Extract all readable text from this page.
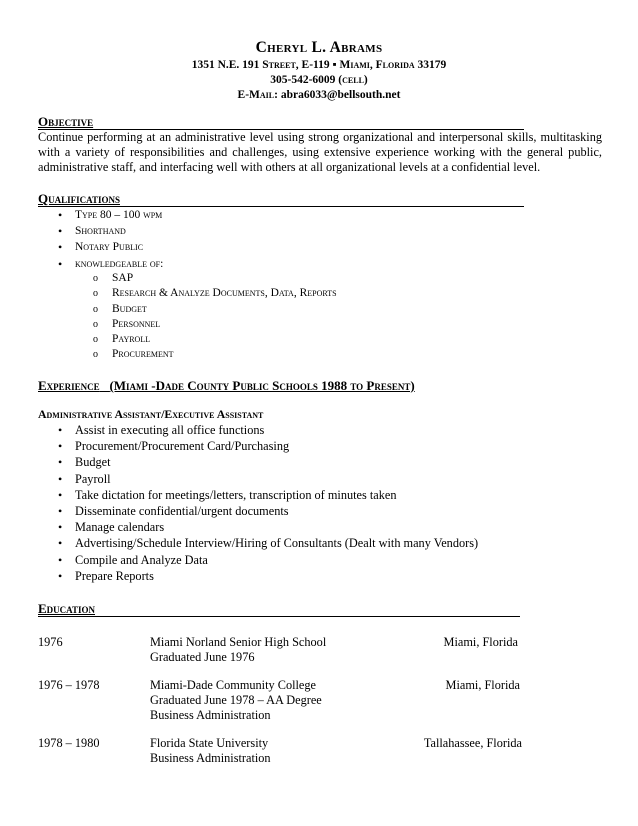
Cheryl L. Abrams
1351 N.E. 191 Street, E-119 ▪ Miami, Florida 33179
305-542-6009 (cell)
E-Mail: abra6033@bellsouth.net
Objective
Continue performing at an administrative level using strong organizational and interpersonal skills, multitasking with a variety of responsibilities and challenges, using extensive experience working with the general public, administrative staff, and interfacing well with others at all organizational levels at a confidential level.
Qualifications
• Type 80 – 100 wpm
• Shorthand
• Notary Public
• knowledgeable of:
o SAP
o Research & Analyze Documents, Data, Reports
o Budget
o Personnel
o Payroll
o Procurement
Experience (Miami -Dade County Public Schools 1988 to Present)
Administrative Assistant/Executive Assistant
• Assist in executing all office functions
• Procurement/Procurement Card/Purchasing
• Budget
• Payroll
• Take dictation for meetings/letters, transcription of minutes taken
• Disseminate confidential/urgent documents
• Manage calendars
• Advertising/Schedule Interview/Hiring of Consultants (Dealt with many Vendors)
• Compile and Analyze Data
• Prepare Reports
Education
1976	Miami Norland Senior High School
Graduated June 1976
Miami, Florida
1976 – 1978	Miami-Dade Community College
Graduated June 1978 – AA Degree
Business Administration
Miami, Florida
1978 – 1980	Florida State University
Business Administration
Tallahassee, Florida
